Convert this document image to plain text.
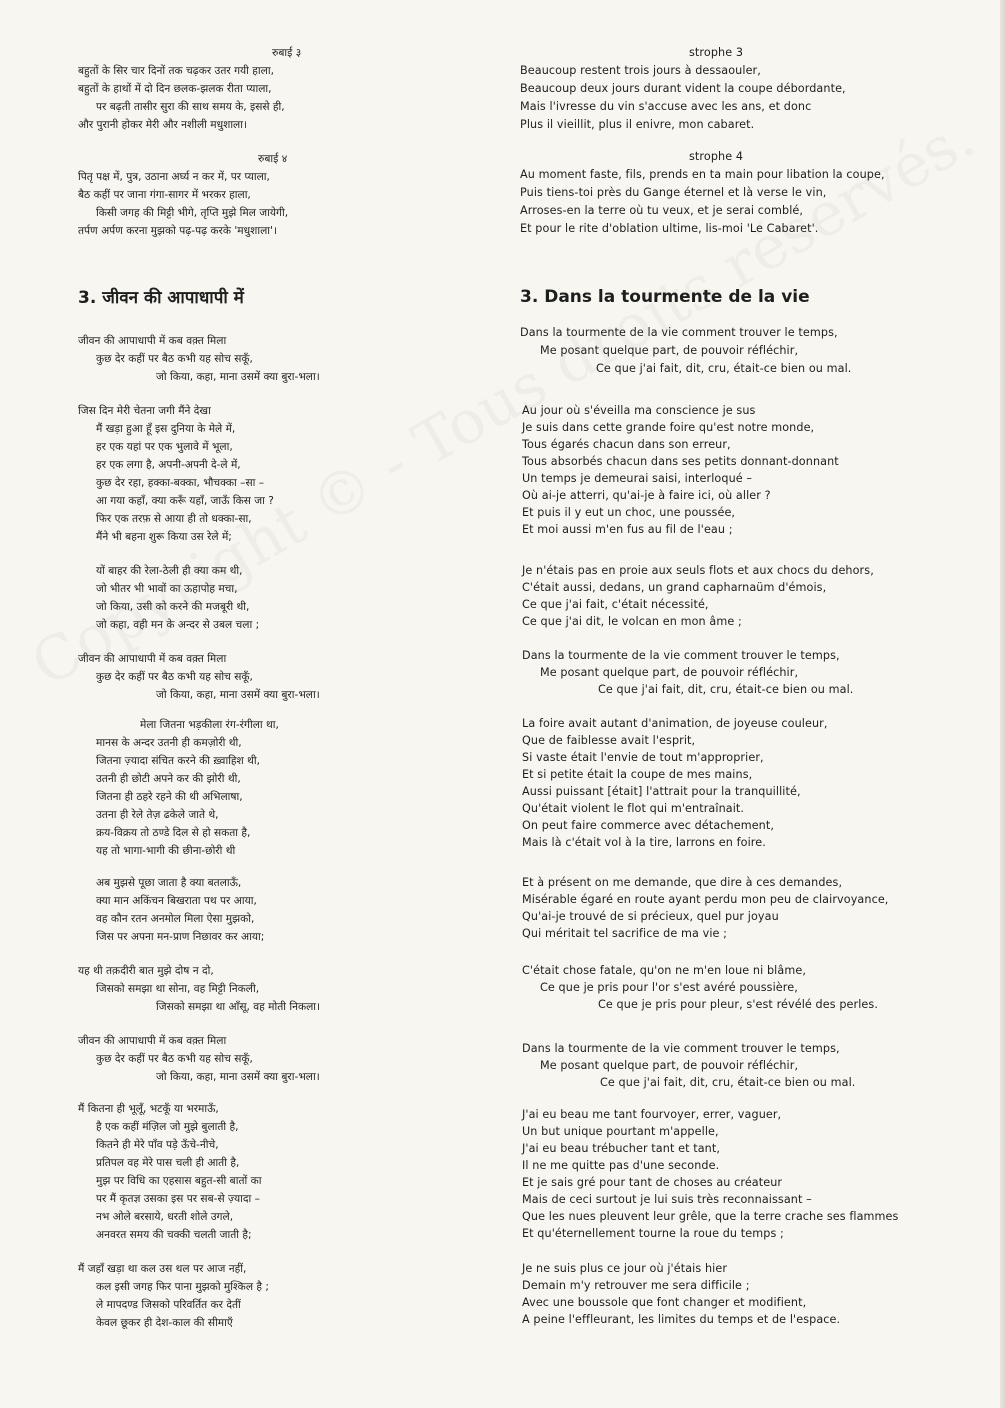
रुबाई ३
बहुतों के सिर चार दिनों तक चढ़कर उतर गयी हाला,
बहुतों के हाथों में दो दिन छलक-झलक रीता प्याला,
पर बढ़ती तासीर सुरा की साथ समय के, इससे ही,
और पुरानी होकर मेरी और नशीली मधुशाला।
रुबाई ४
पितृ पक्ष में, पुत्र, उठाना अर्घ्य न कर में, पर प्याला,
बैठ कहीं पर जाना गंगा-सागर में भरकर हाला,
किसी जगह की मिट्टी भीगे, तृप्ति मुझे मिल जायेगी,
तर्पण अर्पण करना मुझको पढ़-पढ़ करके 'मधुशाला'।
3. जीवन की आपाधापी में
जीवन की आपाधापी में कब वक़्त मिला
कुछ देर कहीं पर बैठ कभी यह सोच सकूँ,
जो किया, कहा, माना उसमें क्या बुरा-भला।
जिस दिन मेरी चेतना जगी मैंने देखा
मैं खड़ा हुआ हूँ इस दुनिया के मेले में,
हर एक यहां पर एक भुलावे में भूला,
हर एक लगा है, अपनी-अपनी दे-ले में,
कुछ देर रहा, हक्का-बक्का, भौचक्का –सा –
आ गया कहाँ, क्या करूँ यहाँ, जाऊँ किस जा ?
फिर एक तरफ़ से आया ही तो धक्का-सा,
मैंने भी बहना शुरू किया उस रेले में;
यों बाहर की रेला-ठेली ही क्या कम थी,
जो भीतर भी भावों का ऊहापोह मचा,
जो किया, उसी को करने की मजबूरी थी,
जो कहा, वही मन के अन्दर से उबल चला ;
जीवन की आपाधापी में कब वक़्त मिला
कुछ देर कहीं पर बैठ कभी यह सोच सकूँ,
जो किया, कहा, माना उसमें क्या बुरा-भला।
मेला जितना भड़कीला रंग-रंगीला था,
मानस के अन्दर उतनी ही कमज़ोरी थी,
जितना ज़्यादा संचित करने की ख़्वाहिश थी,
उतनी ही छोटी अपने कर की झोरी थी,
जितना ही ठहरे रहने की थी अभिलाषा,
उतना ही रेले तेज़ ढकेले जाते थे,
क्रय-विक्रय तो ठण्डे दिल से हो सकता है,
यह तो भागा-भागी की छीना-छोरी थी
अब मुझसे पूछा जाता है क्या बतलाऊँ,
क्या मान अकिंचन बिखराता पथ पर आया,
वह कौन रतन अनमोल मिला ऐसा मुझको,
जिस पर अपना मन-प्राण निछावर कर आया;
यह थी तक़दीरी बात मुझे दोष न दो,
जिसको समझा था सोना, वह मिट्टी निकली,
जिसको समझा था आँसू, वह मोती निकला।
जीवन की आपाधापी में कब वक़्त मिला
कुछ देर कहीं पर बैठ कभी यह सोच सकूँ,
जो किया, कहा, माना उसमें क्या बुरा-भला।
मैं कितना ही भूलूँ, भटकूँ या भरमाऊँ,
है एक कहीं मंज़िल जो मुझे बुलाती है,
कितने ही मेरे पाँव पड़े ऊँचे-नीचे,
प्रतिपल वह मेरे पास चली ही आती है,
मुझ पर विधि का एहसास बहुत-सी बातों का
पर मैं कृतज्ञ उसका इस पर सब-से ज़्यादा –
नभ ओले बरसाये, धरती शोले उगले,
अनवरत समय की चक्की चलती जाती है;
मैं जहाँ खड़ा था कल उस थल पर आज नहीं,
कल इसी जगह फिर पाना मुझको मुश्किल है ;
ले मापदण्ड जिसको परिवर्तित कर देतीं
केवल छूकर ही देश-काल की सीमाएँ
strophe 3
Beaucoup restent trois jours à dessaouler,
Beaucoup deux jours durant vident la coupe débordante,
Mais l'ivresse du vin s'accuse avec les ans, et donc
Plus il vieillit, plus il enivre, mon cabaret.
strophe 4
Au moment faste, fils, prends en ta main pour libation la coupe,
Puis tiens-toi près du Gange éternel et là verse le vin,
Arroses-en la terre où tu veux, et je serai comblé,
Et pour le rite d'oblation ultime, lis-moi 'Le Cabaret'.
3. Dans la tourmente de la vie
Dans la tourmente de la vie comment trouver le temps,
Me posant quelque part, de pouvoir réfléchir,
Ce que j'ai fait, dit, cru, était-ce bien ou mal.
Au jour où s'éveilla ma conscience je sus
Je suis dans cette grande foire qu'est notre monde,
Tous égarés chacun dans son erreur,
Tous absorbés chacun dans ses petits donnant-donnant
Un temps je demeurai saisi, interloqué –
Où ai-je atterri, qu'ai-je à faire ici, où aller ?
Et puis il y eut un choc, une poussée,
Et moi aussi m'en fus au fil de l'eau ;
Je n'étais pas en proie aux seuls flots et aux chocs du dehors,
C'était aussi, dedans, un grand capharnaüm d'émois,
Ce que j'ai fait, c'était nécessité,
Ce que j'ai dit, le volcan en mon âme ;
Dans la tourmente de la vie comment trouver le temps,
Me posant quelque part, de pouvoir réfléchir,
Ce que j'ai fait, dit, cru, était-ce bien ou mal.
La foire avait autant d'animation, de joyeuse couleur,
Que de faiblesse avait l'esprit,
Si vaste était l'envie de tout m'approprier,
Et si petite était la coupe de mes mains,
Aussi puissant [était] l'attrait pour la tranquillité,
Qu'était violent le flot qui m'entraînait.
On peut faire commerce avec détachement,
Mais là c'était vol à la tire, larrons en foire.
Et à présent on me demande, que dire à ces demandes,
Misérable égaré en route ayant perdu mon peu de clairvoyance,
Qu'ai-je trouvé de si précieux, quel pur joyau
Qui méritait tel sacrifice de ma vie ;
C'était chose fatale, qu'on ne m'en loue ni blâme,
Ce que je pris pour l'or s'est avéré poussière,
Ce que je pris pour pleur, s'est révélé des perles.
Dans la tourmente de la vie comment trouver le temps,
Me posant quelque part, de pouvoir réfléchir,
Ce que j'ai fait, dit, cru, était-ce bien ou mal.
J'ai eu beau me tant fourvoyer, errer, vaguer,
Un but unique pourtant m'appelle,
J'ai eu beau trébucher tant et tant,
Il ne me quitte pas d'une seconde.
Et je sais gré pour tant de choses au créateur
Mais de ceci surtout je lui suis très reconnaissant –
Que les nues pleuvent leur grêle, que la terre crache ses flammes
Et qu'éternellement tourne la roue du temps ;
Je ne suis plus ce jour où j'étais hier
Demain m'y retrouver me sera difficile ;
Avec une boussole que font changer et modifient,
A peine l'effleurant, les limites du temps et de l'espace.
